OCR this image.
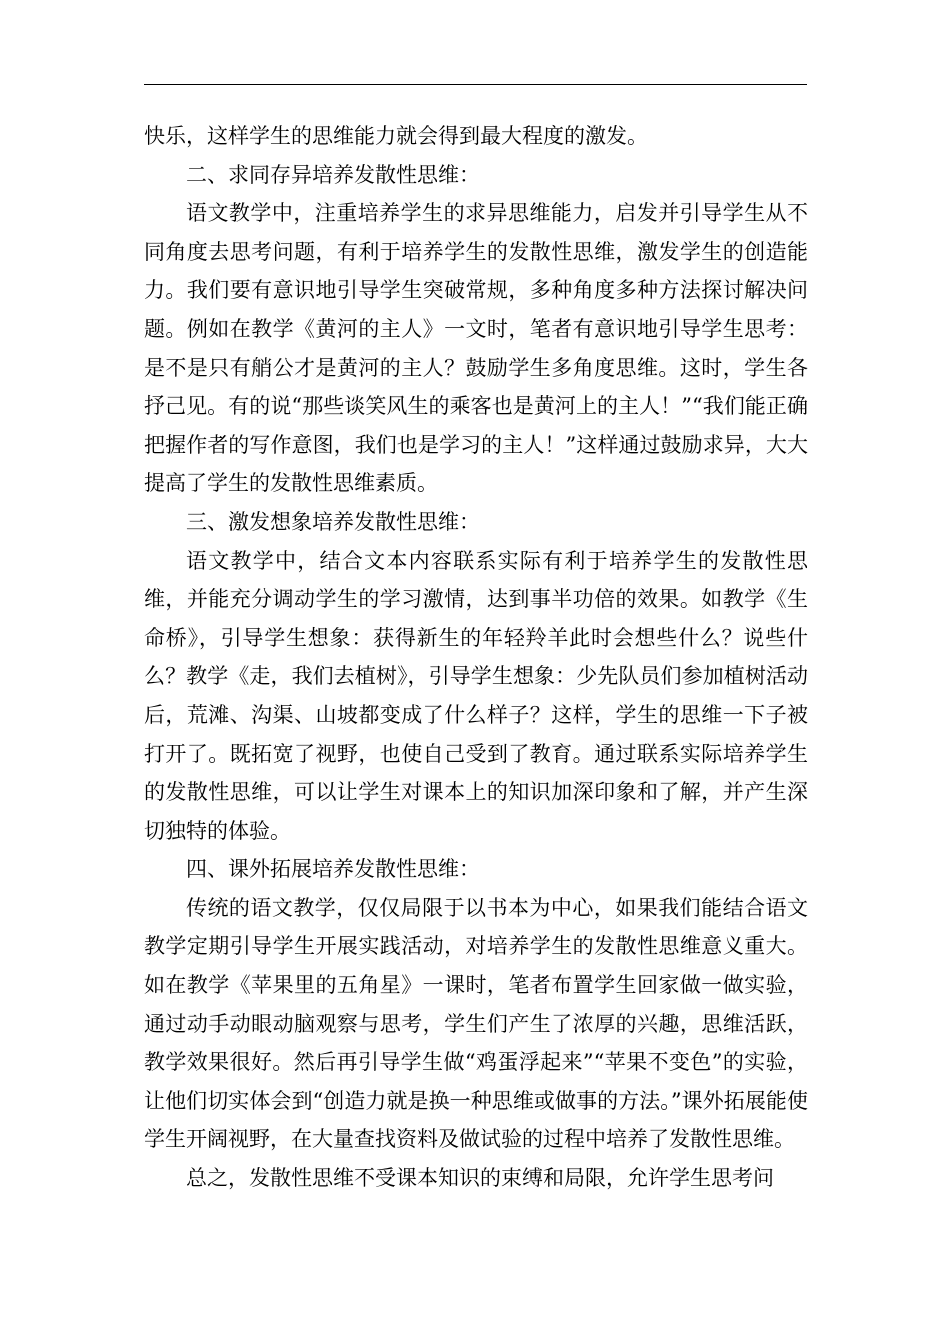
快乐，这样学生的思维能力就会得到最大程度的激发。

二、求同存异培养发散性思维：

语文教学中，注重培养学生的求异思维能力，启发并引导学生从不同角度去思考问题，有利于培养学生的发散性思维，激发学生的创造能力。我们要有意识地引导学生突破常规，多种角度多种方法探讨解决问题。例如在教学《黄河的主人》一文时，笔者有意识地引导学生思考：是不是只有艄公才是黄河的主人？鼓励学生多角度思维。这时，学生各抒己见。有的说“那些谈笑风生的乘客也是黄河上的主人！”“我们能正确把握作者的写作意图，我们也是学习的主人！”这样通过鼓励求异，大大提高了学生的发散性思维素质。

三、激发想象培养发散性思维：

语文教学中，结合文本内容联系实际有利于培养学生的发散性思维，并能充分调动学生的学习激情，达到事半功倍的效果。如教学《生命桥》，引导学生想象：获得新生的年轻羚羊此时会想些什么？说些什么？教学《走，我们去植树》，引导学生想象：少先队员们参加植树活动后，荒滩、沟渠、山坡都变成了什么样子？这样，学生的思维一下子被打开了。既拓宽了视野，也使自己受到了教育。通过联系实际培养学生的发散性思维，可以让学生对课本上的知识加深印象和了解，并产生深切独特的体验。

四、课外拓展培养发散性思维：

传统的语文教学，仅仅局限于以书本为中心，如果我们能结合语文教学定期引导学生开展实践活动，对培养学生的发散性思维意义重大。如在教学《苹果里的五角星》一课时，笔者布置学生回家做一做实验，通过动手动眼动脑观察与思考，学生们产生了浓厚的兴趣，思维活跃，教学效果很好。然后再引导学生做“鸡蛋浮起来”“苹果不变色”的实验，让他们切实体会到“创造力就是换一种思维或做事的方法。”课外拓展能使学生开阔视野，在大量查找资料及做试验的过程中培养了发散性思维。

总之，发散性思维不受课本知识的束缚和局限，允许学生思考问
